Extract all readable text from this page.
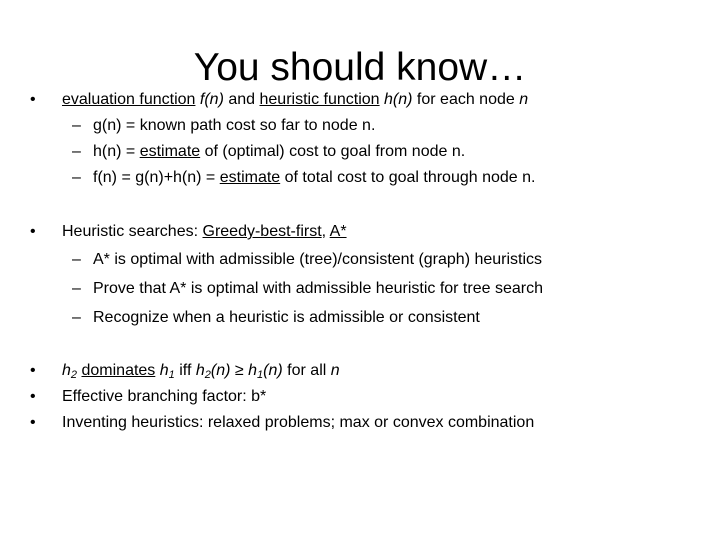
You should know…
• evaluation function f(n) and heuristic function h(n) for each node n
– g(n) = known path cost so far to node n.
– h(n) = estimate of (optimal) cost to goal from node n.
– f(n) = g(n)+h(n) = estimate of total cost to goal through node n.
• Heuristic searches: Greedy-best-first, A*
– A* is optimal with admissible (tree)/consistent (graph) heuristics
– Prove that A* is optimal with admissible heuristic for tree search
– Recognize when a heuristic is admissible or consistent
• $h_2$ dominates $h_1$ iff $h_2(n) \ge h_1(n)$ for all n
• Effective branching factor: b*
• Inventing heuristics: relaxed problems; max or convex combination
